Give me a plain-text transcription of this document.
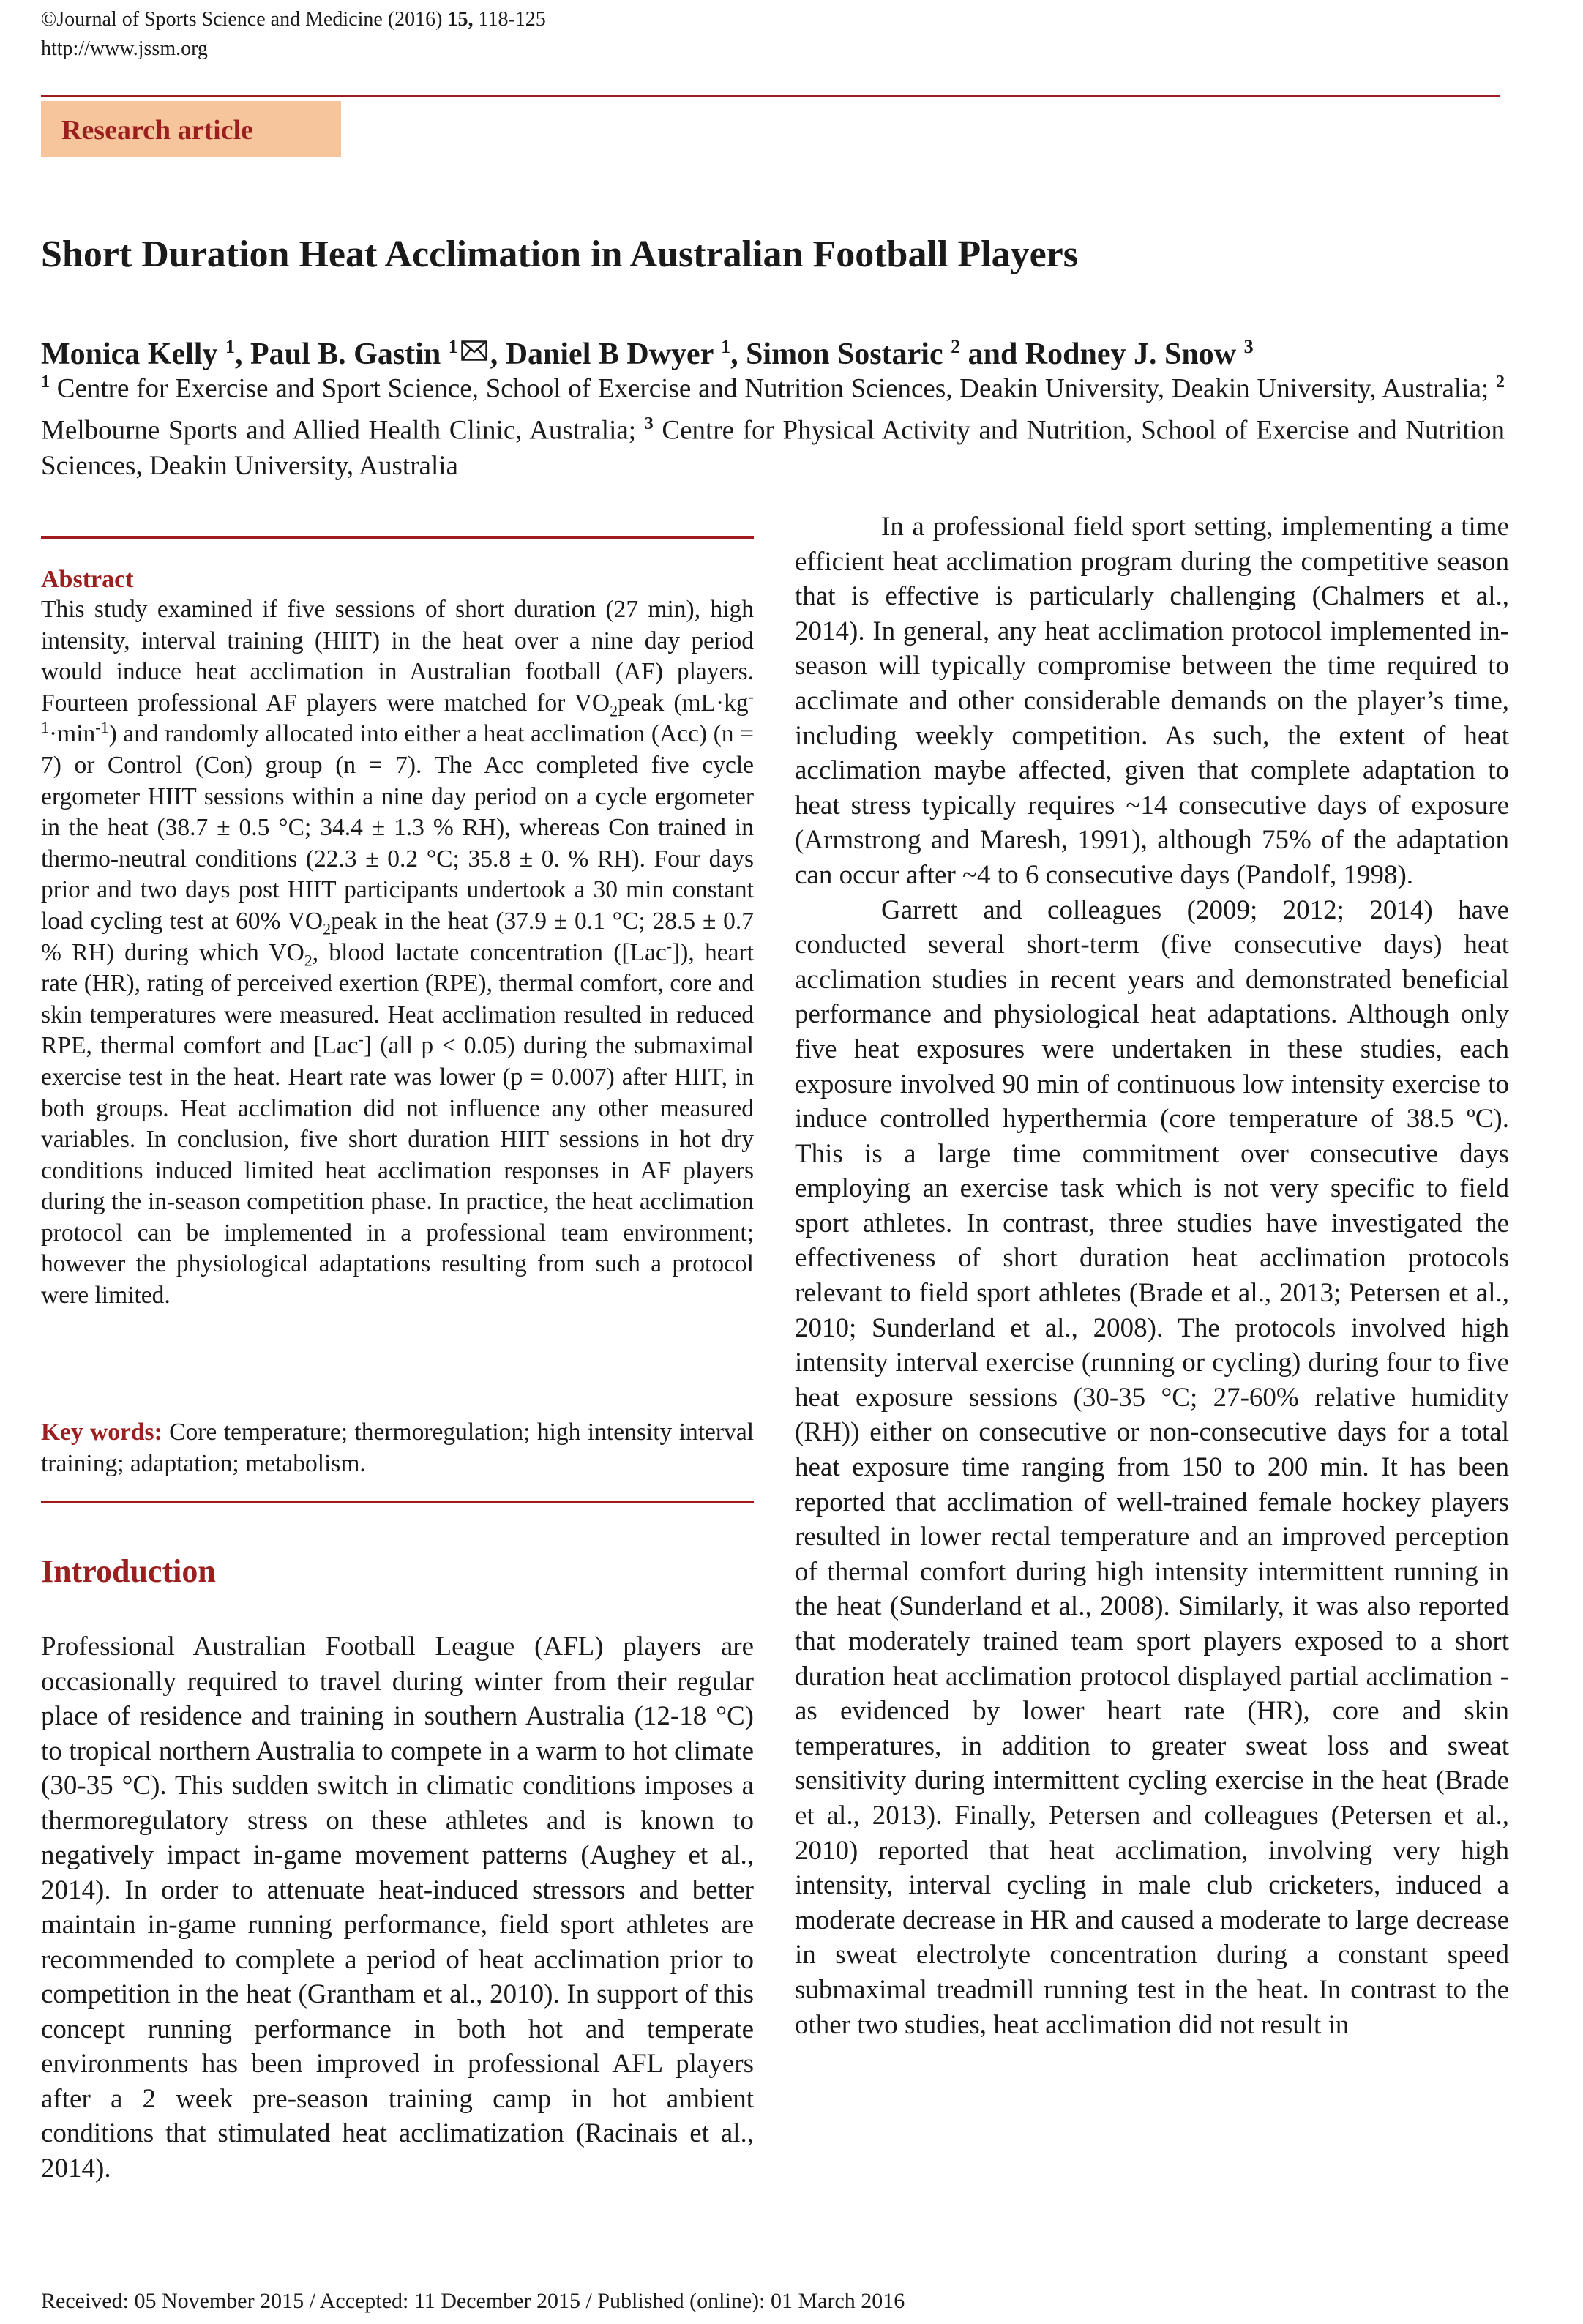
©Journal of Sports Science and Medicine (2016) 15, 118-125
http://www.jssm.org
Research article
Short Duration Heat Acclimation in Australian Football Players
Monica Kelly $^1$, Paul B. Gastin $^1$ , Daniel B Dwyer $^1$, Simon Sostaric $^2$ and Rodney J. Snow $^3$
$^1$ Centre for Exercise and Sport Science, School of Exercise and Nutrition Sciences, Deakin University, Deakin University, Australia; $^2$ Melbourne Sports and Allied Health Clinic, Australia; $^3$ Centre for Physical Activity and Nutrition, School of Exercise and Nutrition Sciences, Deakin University, Australia
Abstract

This study examined if five sessions of short duration (27 min), high intensity, interval training (HIIT) in the heat over a nine day period would induce heat acclimation in Australian football (AF) players. Fourteen professional AF players were matched for $VO_2peak$ $(mL\cdot kg^{-1}\cdot\min^{-1})$ and randomly allocated into either a heat acclimation (Acc) (n = 7) or Control (Con) group (n = 7). The Acc completed five cycle ergometer HIIT sessions within a nine day period on a cycle ergometer in the heat (38.7 ± 0.5 °C; 34.4 ± 1.3 % RH), whereas Con trained in thermo-neutral conditions (22.3 ± 0.2 °C; 35.8 ± 0. % RH). Four days prior and two days post HIIT participants undertook a 30 min constant load cycling test at 60% $VO_2peak$ in the heat (37.9 ± 0.1 °C; 28.5 ± 0.7 % RH) during which $VO_2$, blood lactate concentration ([Lac-]), heart rate (HR), rating of perceived exertion (RPE), thermal comfort, core and skin temperatures were measured. Heat acclimation resulted in reduced RPE, thermal comfort and [Lac-] (all p < 0.05) during the submaximal exercise test in the heat. Heart rate was lower (p = 0.007) after HIIT, in both groups. Heat acclimation did not influence any other measured variables. In conclusion, five short duration HIIT sessions in hot dry conditions induced limited heat acclimation responses in AF players during the in-season competition phase. In practice, the heat acclimation protocol can be implemented in a professional team environment; however the physiological adaptations resulting from such a protocol were limited.

Key words: Core temperature; thermoregulation; high intensity interval training; adaptation; metabolism.
Introduction

Professional Australian Football League (AFL) players are occasionally required to travel during winter from their regular place of residence and training in southern Australia (12-18 °C) to tropical northern Australia to compete in a warm to hot climate (30-35 °C). This sudden switch in climatic conditions imposes a thermoregulatory stress on these athletes and is known to negatively impact in-game movement patterns (Aughey et al., 2014). In order to attenuate heat-induced stressors and better maintain in-game running performance, field sport athletes are recommended to complete a period of heat acclimation prior to competition in the heat (Grantham et al., 2010). In support of this concept running performance in both hot and temperate environments has been improved in professional AFL players after a 2 week pre-season training camp in hot ambient conditions that stimulated heat acclimatization (Racinais et al., 2014).

In a professional field sport setting, implementing a time efficient heat acclimation program during the competitive season that is effective is particularly challenging (Chalmers et al., 2014). In general, any heat acclimation protocol implemented in-season will typically compromise between the time required to acclimate and other considerable demands on the player’s time, including weekly competition. As such, the extent of heat acclimation maybe affected, given that complete adaptation to heat stress typically requires ~14 consecutive days of exposure (Armstrong and Maresh, 1991), although 75% of the adaptation can occur after ~4 to 6 consecutive days (Pandolf, 1998).

Garrett and colleagues (2009; 2012; 2014) have conducted several short-term (five consecutive days) heat acclimation studies in recent years and demonstrated beneficial performance and physiological heat adaptations. Although only five heat exposures were undertaken in these studies, each exposure involved 90 min of continuous low intensity exercise to induce controlled hyperthermia (core temperature of 38.5 ºC). This is a large time commitment over consecutive days employing an exercise task which is not very specific to field sport athletes. In contrast, three studies have investigated the effectiveness of short duration heat acclimation protocols relevant to field sport athletes (Brade et al., 2013; Petersen et al., 2010; Sunderland et al., 2008). The protocols involved high intensity interval exercise (running or cycling) during four to five heat exposure sessions (30-35 °C; 27-60% relative humidity (RH)) either on consecutive or non-consecutive days for a total heat exposure time ranging from 150 to 200 min. It has been reported that acclimation of well-trained female hockey players resulted in lower rectal temperature and an improved perception of thermal comfort during high intensity intermittent running in the heat (Sunderland et al., 2008). Similarly, it was also reported that moderately trained team sport players exposed to a short duration heat acclimation protocol displayed partial acclimation - as evidenced by lower heart rate (HR), core and skin temperatures, in addition to greater sweat loss and sweat sensitivity during intermittent cycling exercise in the heat (Brade et al., 2013). Finally, Petersen and colleagues (Petersen et al., 2010) reported that heat acclimation, involving very high intensity, interval cycling in male club cricketers, induced a moderate decrease in HR and caused a moderate to large decrease in sweat electrolyte concentration during a constant speed submaximal treadmill running test in the heat. In contrast to the other two studies, heat acclimation did not result in

Received: 05 November 2015 / Accepted: 11 December 2015 / Published (online): 01 March 2016
